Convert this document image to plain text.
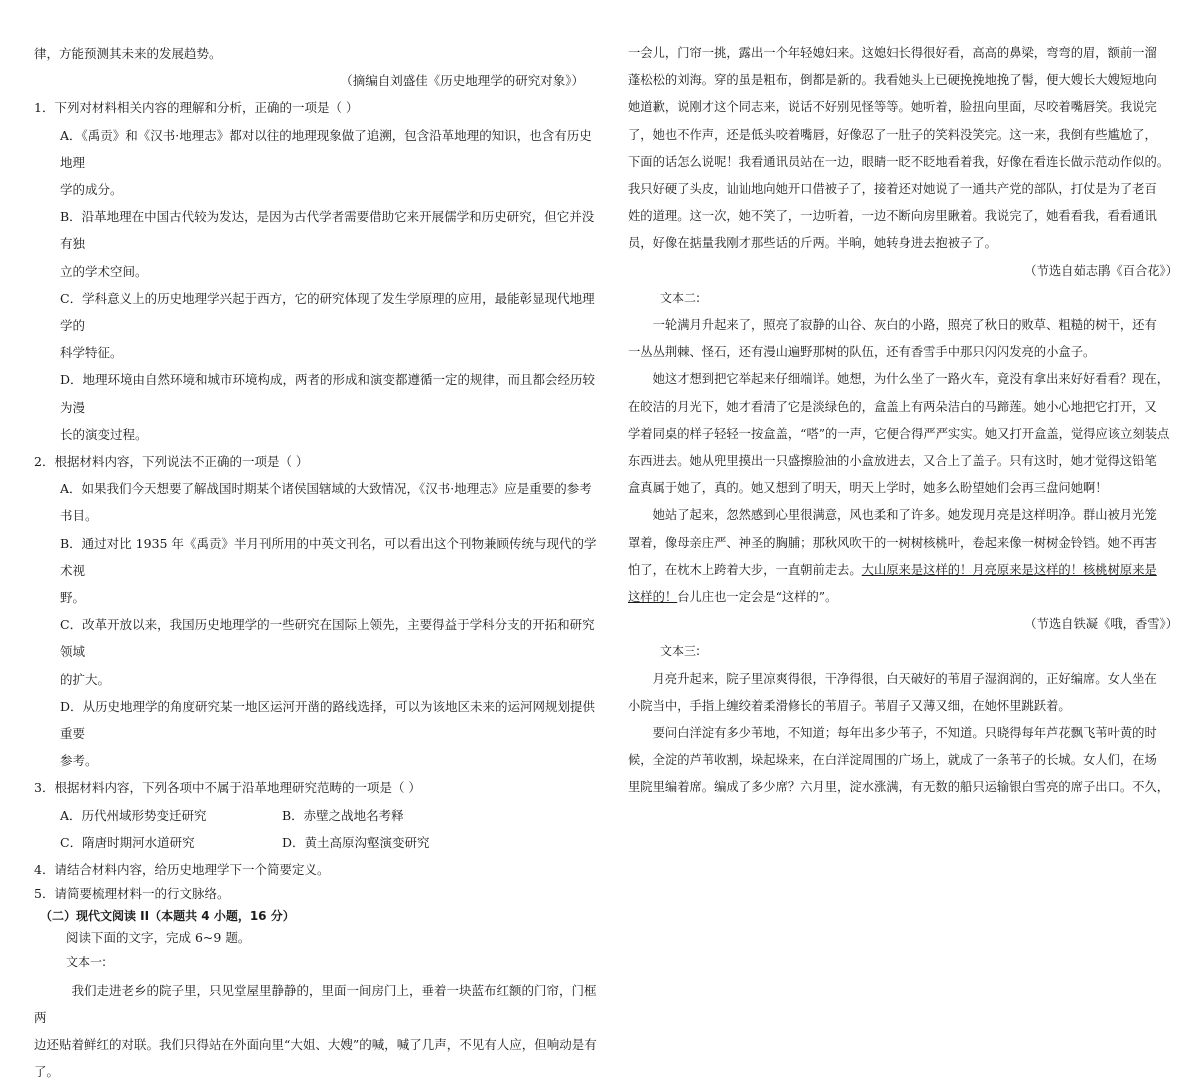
律，方能预测其未来的发展趋势。

（摘编自刘盛佳《历史地理学的研究对象》）

1．下列对材料相关内容的理解和分析，正确的一项是（ ）

A．《禹贡》和《汉书·地理志》都对以往的地理现象做了追溯，包含沿革地理的知识，也含有历史地理

学的成分。

B．沿革地理在中国古代较为发达，是因为古代学者需要借助它来开展儒学和历史研究，但它并没有独

立的学术空间。

C．学科意义上的历史地理学兴起于西方，它的研究体现了发生学原理的应用，最能彰显现代地理学的

科学特征。

D．地理环境由自然环境和城市环境构成，两者的形成和演变都遵循一定的规律，而且都会经历较为漫

长的演变过程。

2．根据材料内容，下列说法不正确的一项是（ ）

A．如果我们今天想要了解战国时期某个诸侯国辖域的大致情况，《汉书·地理志》应是重要的参考书目。

B．通过对比 1935 年《禹贡》半月刊所用的中英文刊名，可以看出这个刊物兼顾传统与现代的学术视

野。

C．改革开放以来，我国历史地理学的一些研究在国际上领先，主要得益于学科分支的开拓和研究领域

的扩大。

D．从历史地理学的角度研究某一地区运河开凿的路线选择，可以为该地区未来的运河网规划提供重要

参考。

3．根据材料内容，下列各项中不属于沿革地理研究范畴的一项是（ ）

A．历代州域形势变迁研究	B．赤壁之战地名考释
C．隋唐时期河水道研究	D．黄土高原沟壑演变研究

4．请结合材料内容，给历史地理学下一个简要定义。

5．请简要梳理材料一的行文脉络。

（二）现代文阅读 II（本题共 4 小题，16 分）

阅读下面的文字，完成 6~9 题。

文本一:

我们走进老乡的院子里，只见堂屋里静静的，里面一间房门上，垂着一块蓝布红额的门帘，门框两

边还贴着鲜红的对联。我们只得站在外面向里“大姐、大嫂”的喊，喊了几声，不见有人应，但响动是有了。

一会儿，门帘一挑，露出一个年轻媳妇来。这媳妇长得很好看，高高的鼻梁，弯弯的眉，额前一溜

蓬松松的刘海。穿的虽是粗布，倒都是新的。我看她头上已硬挽挽地挽了髻，便大嫂长大嫂短地向

她道歉，说刚才这个同志来，说话不好别见怪等等。她听着，脸扭向里面，尽咬着嘴唇笑。我说完

了，她也不作声，还是低头咬着嘴唇，好像忍了一肚子的笑料没笑完。这一来，我倒有些尴尬了，

下面的话怎么说呢！我看通讯员站在一边，眼睛一眨不眨地看着我，好像在看连长做示范动作似的。

我只好硬了头皮，讪讪地向她开口借被子了，接着还对她说了一通共产党的部队，打仗是为了老百

姓的道理。这一次，她不笑了，一边听着，一边不断向房里瞅着。我说完了，她看看我，看看通讯

员，好像在掂量我刚才那些话的斤两。半晌，她转身进去抱被子了。

（节选自茹志鹃《百合花》）

文本二:

一轮满月升起来了，照亮了寂静的山谷、灰白的小路，照亮了秋日的败草、粗糙的树干，还有

一丛丛荆棘、怪石，还有漫山遍野那树的队伍，还有香雪手中那只闪闪发亮的小盒子。

她这才想到把它举起来仔细端详。她想，为什么坐了一路火车，竟没有拿出来好好看看？现在，

在皎洁的月光下，她才看清了它是淡绿色的，盒盖上有两朵洁白的马蹄莲。她小心地把它打开，又

学着同桌的样子轻轻一按盒盖，“嗒”的一声，它便合得严严实实。她又打开盒盖，觉得应该立刻装点

东西进去。她从兜里摸出一只盛擦脸油的小盒放进去，又合上了盖子。只有这时，她才觉得这铅笔

盒真属于她了，真的。她又想到了明天，明天上学时，她多么盼望她们会再三盘问她啊！

她站了起来，忽然感到心里很满意，风也柔和了许多。她发现月亮是这样明净。群山被月光笼

罩着，像母亲庄严、神圣的胸脯；那秋风吹干的一树树核桃叶，卷起来像一树树金铃铛。她不再害

怕了，在枕木上跨着大步，一直朝前走去。大山原来是这样的！月亮原来是这样的！核桃树原来是

这样的！台儿庄也一定会是“这样的”。

（节选自铁凝《哦，香雪》）

文本三:

月亮升起来，院子里凉爽得很，干净得很，白天破好的苇眉子湿润润的，正好编席。女人坐在

小院当中，手指上缠绞着柔滑修长的苇眉子。苇眉子又薄又细，在她怀里跳跃着。

要问白洋淀有多少苇地，不知道；每年出多少苇子，不知道。只晓得每年芦花飘飞苇叶黄的时

候，全淀的芦苇收割，垛起垛来，在白洋淀周围的广场上，就成了一条苇子的长城。女人们，在场

里院里编着席。编成了多少席？六月里，淀水涨满，有无数的船只运输银白雪亮的席子出口。不久，
